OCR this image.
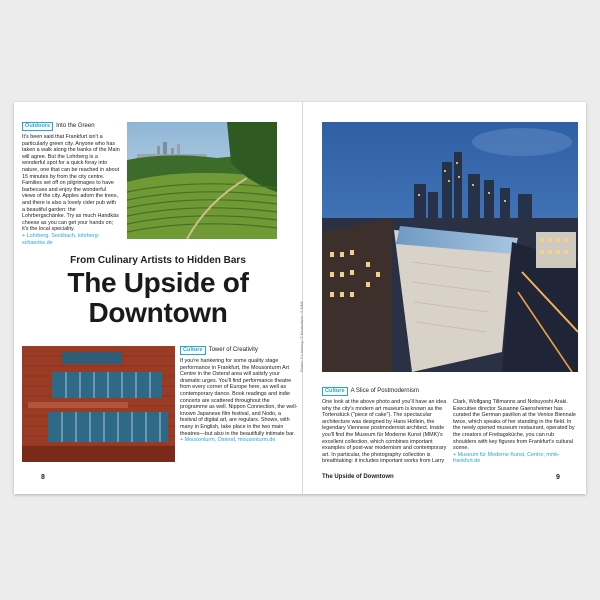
Outdoors Into the Green
It's been said that Frankfurt isn't a particularly green city. Anyone who has taken a walk along the banks of the Main will agree. But the Lohrberg is a wonderful spot for a quick foray into nature, one that can be reached in about 15 minutes by from the city centre. Families set off on pilgrimages to have barbecues and enjoy the wonderful views of the city. Apples adorn the trees, and there is also a lovely cider pub with a beautiful garden: the Lohrbergschänke. Try as much Handkäs cheese as you can get your hands on; it's the local speciality.
+ Lohrberg, Seckbach, lohrberg-schaenke.de
From Culinary Artists to Hidden Bars
The Upside of
Downtown
Culture Tower of Creativity
If you're hankering for some quality stage performance in Frankfurt, the Mousonturm Art Centre in the Ostend area will satisfy your dramatic urges. You'll find performance theatre from every corner of Europe here, as well as contemporary dance. Book readings and indie concerts are scattered throughout the programme as well. Nippon Connection, the well-known Japanese film festival, and Nodo, a festival of digital art, are regulars. Shows, with many in English, take place in the two main theatres—but also in the beautifully intimate bar.
+ Mousonturm, Ostend, mousonturm.de
8
Photos: © Lohrberg / © Mousonturm / © MMK
Culture A Slice of Postmodernism
One look at the above photo and you'll have an idea why the city's modern art museum is known as the Tortenstück ("piece of cake"). The spectacular architecture was designed by Hans Hollein, the legendary Viennese postmodernist architect. Inside you'll find the Museum für Moderne Kunst (MMK)'s excellent collection, which combines important examples of post-war modernism and contemporary art. In particular, the photography collection is breathtaking: it includes important works from Larry
Clark, Wolfgang Tillmanns and Nobuyoshi Araki. Executive director Susanne Gaensheimer has curated the German pavilion at the Venice Biennale twice, which speaks of her standing in the field. In the newly opened museum restaurant, operated by the creators of Freitagsküche, you can rub shoulders with key figures from Frankfurt's cultural scene.
+ Museum für Moderne Kunst, Centre, mmk-frankfurt.de
The Upside of Downtown	9
